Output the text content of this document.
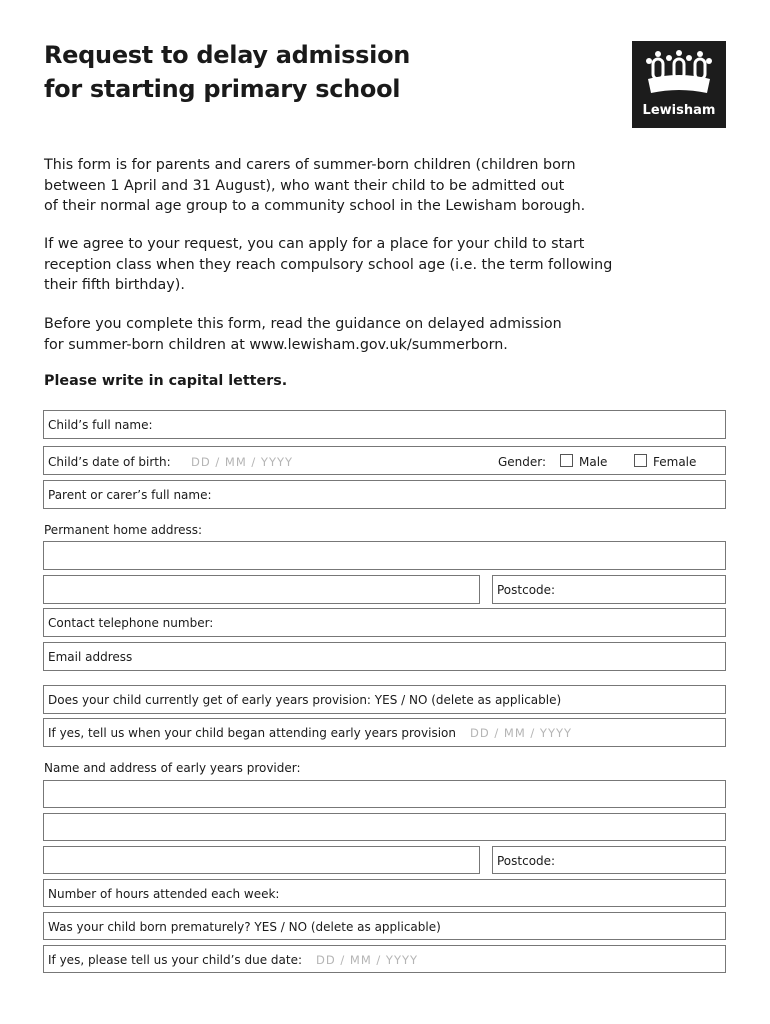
Request to delay admission
for starting primary school
Lewisham
This form is for parents and carers of summer-born children (children born
between 1 April and 31 August), who want their child to be admitted out
of their normal age group to a community school in the Lewisham borough.
If we agree to your request, you can apply for a place for your child to start
reception class when they reach compulsory school age (i.e. the term following
their fifth birthday).
Before you complete this form, read the guidance on delayed admission
for summer-born children at www.lewisham.gov.uk/summerborn.
Please write in capital letters.
Child’s full name:
Child’s date of birth: DD / MM / YYYY	Gender:	Male	Female
Parent or carer’s full name:
Permanent home address:
Postcode:
Contact telephone number:
Email address
Does your child currently get of early years provision: YES / NO (delete as applicable)
If yes, tell us when your child began attending early years provision DD / MM / YYYY
Name and address of early years provider:
Postcode:
Number of hours attended each week:
Was your child born prematurely? YES / NO (delete as applicable)
If yes, please tell us your child’s due date: DD / MM / YYYY
